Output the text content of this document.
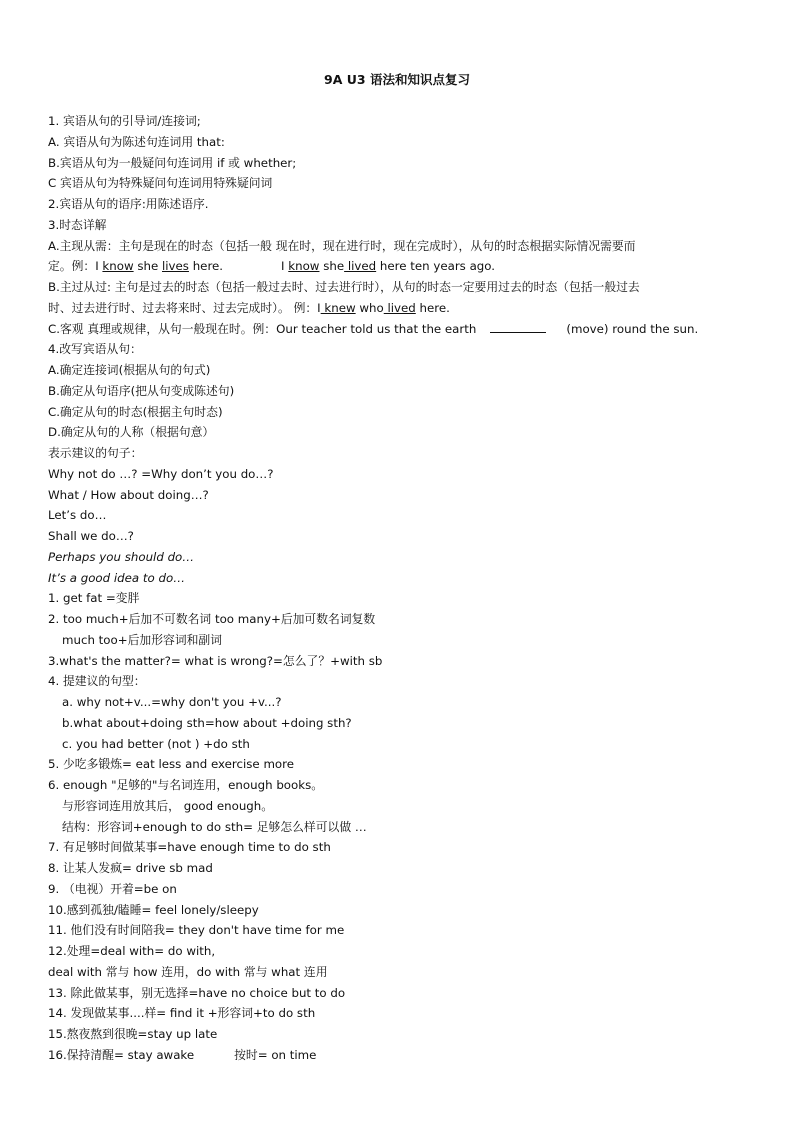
9A U3 语法和知识点复习
1. 宾语从句的引导词/连接词;
A. 宾语从句为陈述句连词用 that:
B.宾语从句为一般疑问句连词用 if 或 whether;
C 宾语从句为特殊疑问句连词用特殊疑问词
2.宾语从句的语序:用陈述语序.
3.时态详解
A.主现从需：主句是现在的时态（包括一般 现在时，现在进行时，现在完成时），从句的时态根据实际情况需要而
定。例：I know she lives here.	I know she lived here ten years ago.
B.主过从过: 主句是过去的时态（包括一般过去时、过去进行时），从句的时态一定要用过去的时态（包括一般过去
时、过去进行时、过去将来时、过去完成时）。 例：I knew who lived here.
C.客观 真理或规律，从句一般现在时。例：Our teacher told us that the earth	(move) round the sun.
4.改写宾语从句：
A.确定连接词(根据从句的句式)
B.确定从句语序(把从句变成陈述句)
C.确定从句的时态(根据主句时态)
D.确定从句的人称（根据句意）
表示建议的句子：
Why not do …? =Why don’t you do…?
What / How about doing…?
Let’s do…
Shall we do…?
Perhaps you should do…
It’s a good idea to do…
1. get fat =变胖
2. too much+后加不可数名词 too many+后加可数名词复数
much too+后加形容词和副词
3.what's the matter?= what is wrong?=怎么了？+with sb
4. 提建议的句型：
a. why not+v...=why don't you +v...?
b.what about+doing sth=how about +doing sth?
c. you had better (not ) +do sth
5. 少吃多锻炼= eat less and exercise more
6. enough "足够的"与名词连用，enough books。
与形容词连用放其后， good enough。
结构：形容词+enough to do sth= 足够怎么样可以做 …
7. 有足够时间做某事=have enough time to do sth
8. 让某人发疯= drive sb mad
9. （电视）开着=be on
10.感到孤独/瞌睡= feel lonely/sleepy
11. 他们没有时间陪我= they don't have time for me
12.处理=deal with= do with,
deal with 常与 how 连用，do with 常与 what 连用
13. 除此做某事，别无选择=have no choice but to do
14. 发现做某事....样= find it +形容词+to do sth
15.熬夜熬到很晚=stay up late
16.保持清醒= stay awake	按时= on time
